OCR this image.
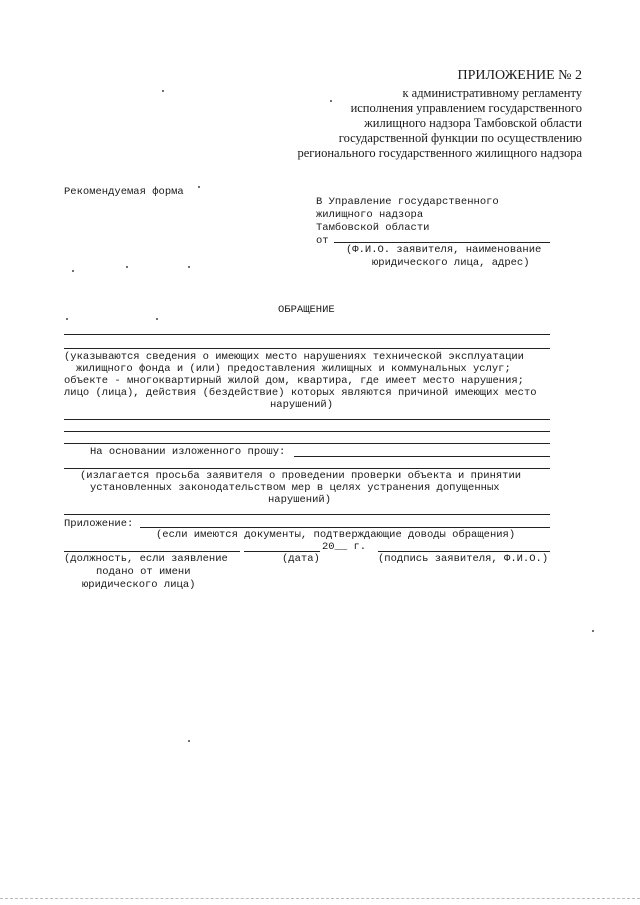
ПРИЛОЖЕНИЕ № 2
к административному регламенту
исполнения управлением государственного
жилищного надзора Тамбовской области
государственной функции по осуществлению
регионального государственного жилищного надзора
Рекомендуемая форма
В Управление государственного
жилищного надзора
Тамбовской области
от
(Ф.И.О. заявителя, наименование
юридического лица, адрес)
ОБРАЩЕНИЕ
(указываются сведения о имеющих место нарушениях технической эксплуатации
жилищного фонда и (или) предоставления жилищных и коммунальных услуг;
объекте - многоквартирный жилой дом, квартира, где имеет место нарушения;
лицо (лица), действия (бездействие) которых являются причиной имеющих место
нарушений)
На основании изложенного прошу:
(излагается просьба заявителя о проведении проверки объекта и принятии
установленных законодательством мер в целях устранения допущенных
нарушений)
Приложение:
(если имеются документы, подтверждающие доводы обращения)
20__ г.
(должность, если заявление
подано от имени
юридического лица)
(дата)	(подпись заявителя, Ф.И.О.)
